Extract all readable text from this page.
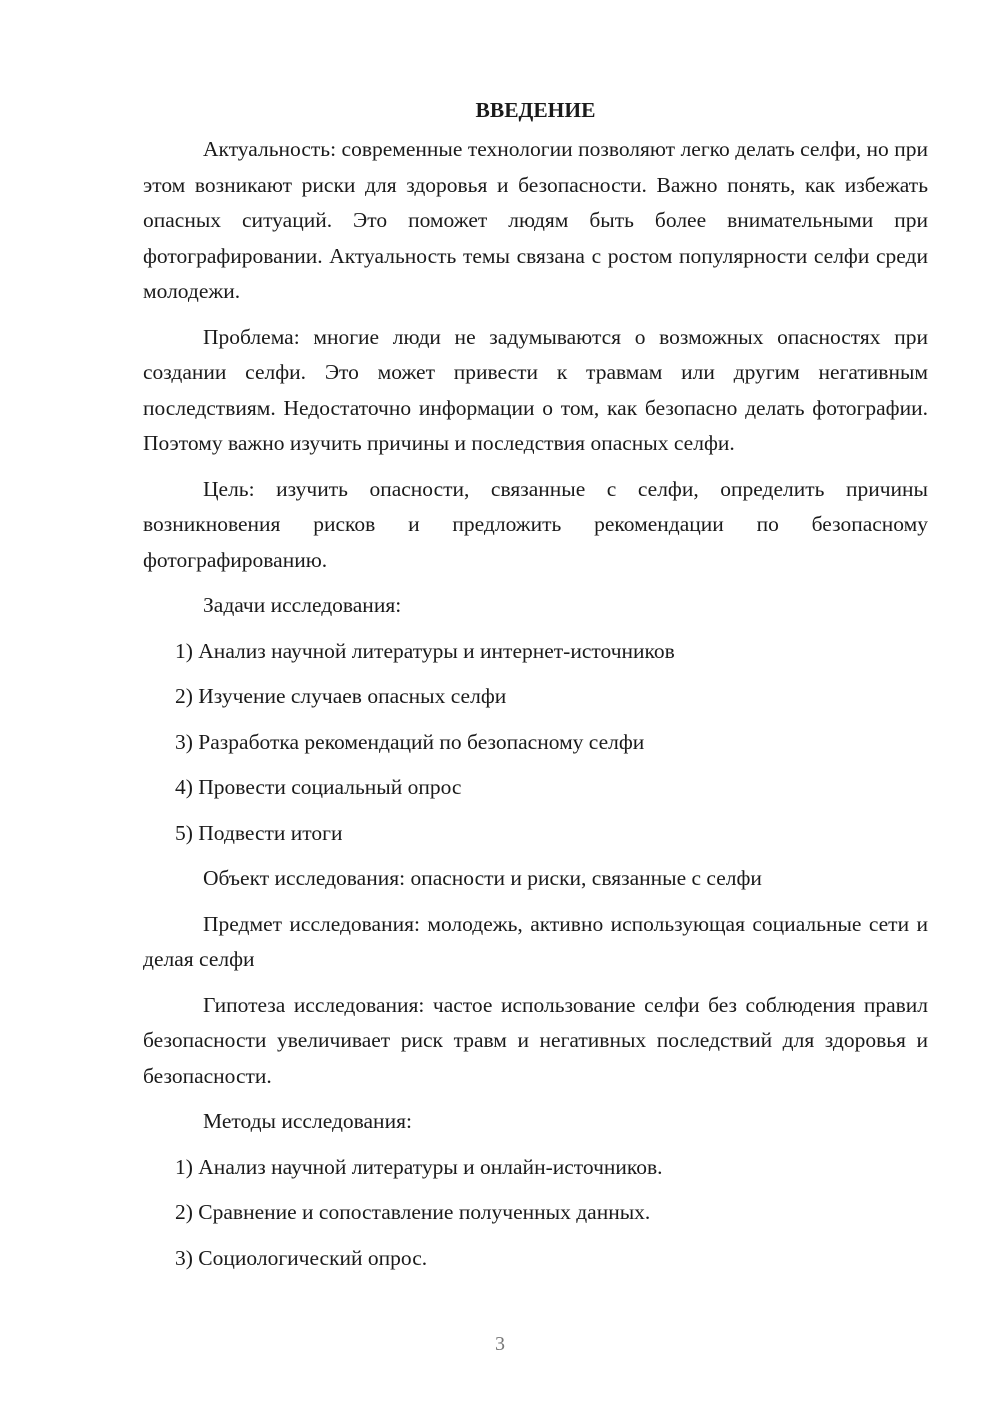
ВВЕДЕНИЕ

Актуальность: современные технологии позволяют легко делать селфи, но при этом возникают риски для здоровья и безопасности. Важно понять, как избежать опасных ситуаций. Это поможет людям быть более внимательными при фотографировании. Актуальность темы связана с ростом популярности селфи среди молодежи.

Проблема: многие люди не задумываются о возможных опасностях при создании селфи. Это может привести к травмам или другим негативным последствиям. Недостаточно информации о том, как безопасно делать фотографии. Поэтому важно изучить причины и последствия опасных селфи.

Цель: изучить опасности, связанные с селфи, определить причины возникновения рисков и предложить рекомендации по безопасному фотографированию.

Задачи исследования:

1) Анализ научной литературы и интернет-источников

2) Изучение случаев опасных селфи

3) Разработка рекомендаций по безопасному селфи

4) Провести социальный опрос

5) Подвести итоги

Объект исследования: опасности и риски, связанные с селфи

Предмет исследования: молодежь, активно использующая социальные сети и делая селфи

Гипотеза исследования: частое использование селфи без соблюдения правил безопасности увеличивает риск травм и негативных последствий для здоровья и безопасности.

Методы исследования:

1) Анализ научной литературы и онлайн-источников.

2) Сравнение и сопоставление полученных данных.

3) Социологический опрос.

3
